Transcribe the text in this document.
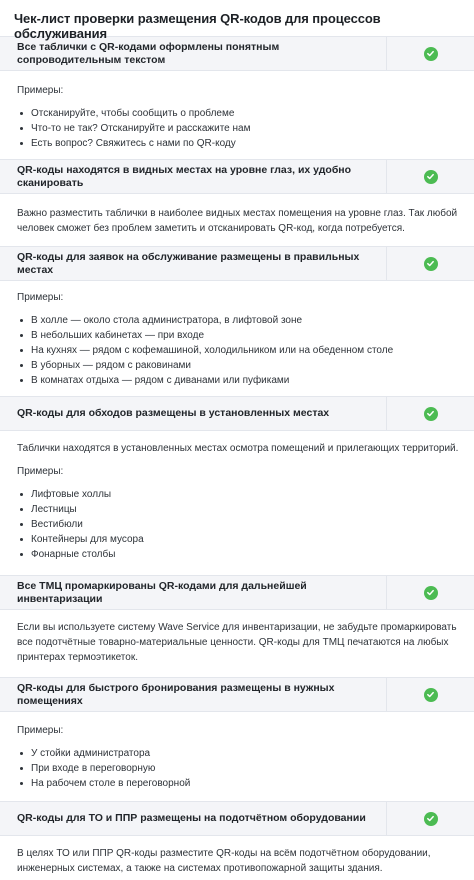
Чек-лист проверки размещения QR-кодов для процессов обслуживания
Все таблички с QR-кодами оформлены понятным сопроводительным текстом

Примеры:

Отсканируйте, чтобы сообщить о проблеме
Что-то не так? Отсканируйте и расскажите нам
Есть вопрос? Свяжитесь с нами по QR-коду
QR-коды находятся в видных местах на уровне глаз, их удобно сканировать

Важно разместить таблички в наиболее видных местах помещения на уровне глаз. Так любой человек сможет без проблем заметить и отсканировать QR-код, когда потребуется.

QR-коды для заявок на обслуживание размещены в правильных местах

Примеры:

В холле — около стола администратора, в лифтовой зоне
В небольших кабинетах — при входе
На кухнях — рядом с кофемашиной, холодильником или на обеденном столе
В уборных — рядом с раковинами
В комнатах отдыха — рядом с диванами или пуфиками
QR-коды для обходов размещены в установленных местах

Таблички находятся в установленных местах осмотра помещений и прилегающих территорий.

Примеры:

Лифтовые холлы
Лестницы
Вестибюли
Контейнеры для мусора
Фонарные столбы
Все ТМЦ промаркированы QR-кодами для дальнейшей инвентаризации

Если вы используете систему Wave Service для инвентаризации, не забудьте промаркировать все подотчётные товарно-материальные ценности. QR-коды для ТМЦ печатаются на любых принтерах термоэтикеток.

QR-коды для быстрого бронирования размещены в нужных помещениях

Примеры:

У стойки администратора
При входе в переговорную
На рабочем столе в переговорной
QR-коды для ТО и ППР размещены на подотчётном оборудовании

В целях ТО или ППР QR-коды разместите QR-коды на всём подотчётном оборудовании, инженерных системах, а также на системах противопожарной защиты здания.
